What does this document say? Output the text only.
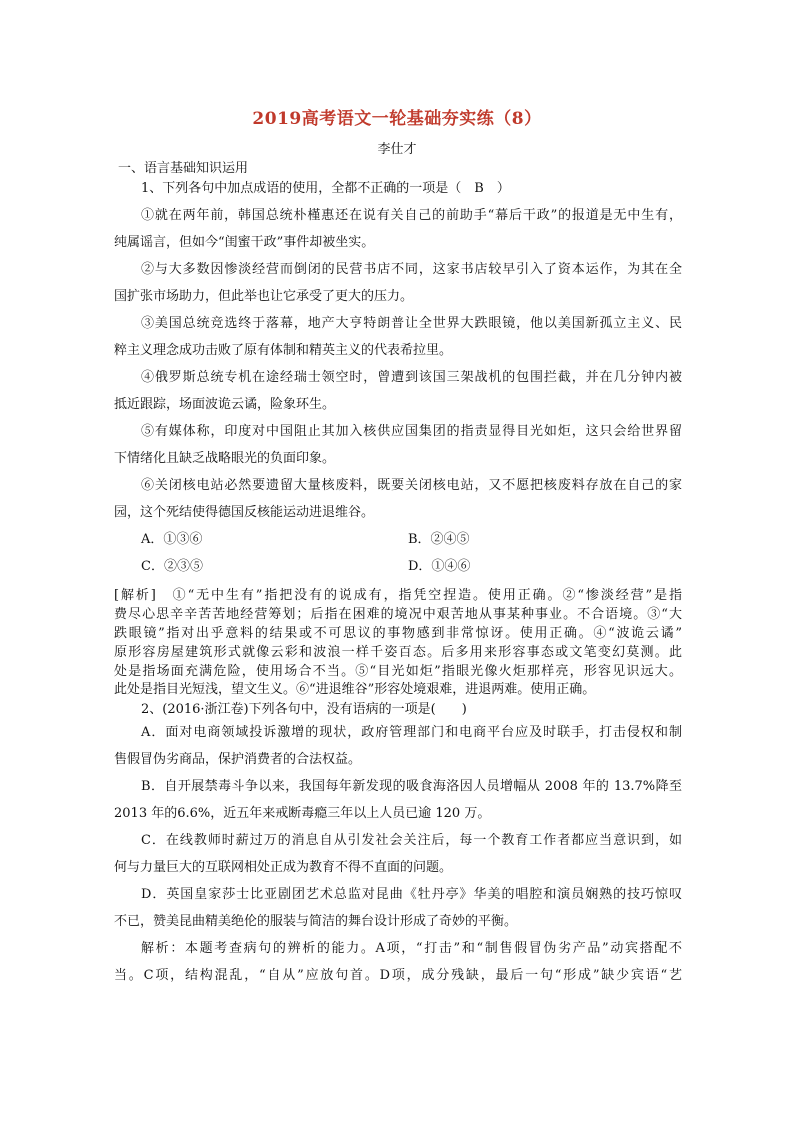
2019高考语文一轮基础夯实练（8）
李仕才
一、语言基础知识运用
1、下列各句中加点成语的使用，全都不正确的一项是（　B　）
①就在两年前，韩国总统朴槿惠还在说有关自己的前助手“幕后干政”的报道是无中生有，
纯属谣言，但如今“闺蜜干政”事件却被坐实。
②与大多数因惨淡经营而倒闭的民营书店不同，这家书店较早引入了资本运作，为其在全
国扩张市场助力，但此举也让它承受了更大的压力。
③美国总统竞选终于落幕，地产大亨特朗普让全世界大跌眼镜，他以美国新孤立主义、民
粹主义理念成功击败了原有体制和精英主义的代表希拉里。
④俄罗斯总统专机在途经瑞士领空时，曾遭到该国三架战机的包围拦截，并在几分钟内被
抵近跟踪，场面波诡云谲，险象环生。
⑤有媒体称，印度对中国阻止其加入核供应国集团的指责显得目光如炬，这只会给世界留
下情绪化且缺乏战略眼光的负面印象。
⑥关闭核电站必然要遗留大量核废料，既要关闭核电站，又不愿把核废料存放在自己的家
园，这个死结使得德国反核能运动进退维谷。
A．①③⑥	B．②④⑤
C．②③⑤	D．①④⑥
[解析]　①“无中生有”指把没有的说成有，指凭空捏造。使用正确。②“惨淡经营”是指
费尽心思辛辛苦苦地经营筹划；后指在困难的境况中艰苦地从事某种事业。不合语境。③“大
跌眼镜”指对出乎意料的结果或不可思议的事物感到非常惊讶。使用正确。④“波诡云谲”
原形容房屋建筑形式就像云彩和波浪一样千姿百态。后多用来形容事态或文笔变幻莫测。此
处是指场面充满危险，使用场合不当。⑤“目光如炬”指眼光像火炬那样亮，形容见识远大。
此处是指目光短浅，望文生义。⑥“进退维谷”形容处境艰难，进退两难。使用正确。
2、(2016·浙江卷)下列各句中，没有语病的一项是(　　)
A．面对电商领域投诉激增的现状，政府管理部门和电商平台应及时联手，打击侵权和制
售假冒伪劣商品，保护消费者的合法权益。
B．自开展禁毒斗争以来，我国每年新发现的吸食海洛因人员增幅从 2008 年的 13.7%降至
2013 年的6.6%，近五年来戒断毒瘾三年以上人员已逾 120 万。
C．在线教师时薪过万的消息自从引发社会关注后，每一个教育工作者都应当意识到，如
何与力量巨大的互联网相处正成为教育不得不直面的问题。
D．英国皇家莎士比亚剧团艺术总监对昆曲《牡丹亭》华美的唱腔和演员娴熟的技巧惊叹
不已，赞美昆曲精美绝伦的服装与简洁的舞台设计形成了奇妙的平衡。
解析：本题考查病句的辨析的能力。A项，“打击”和“制售假冒伪劣产品”动宾搭配不
当。C项，结构混乱，“自从”应放句首。D项，成分残缺，最后一句“形成”缺少宾语“艺
